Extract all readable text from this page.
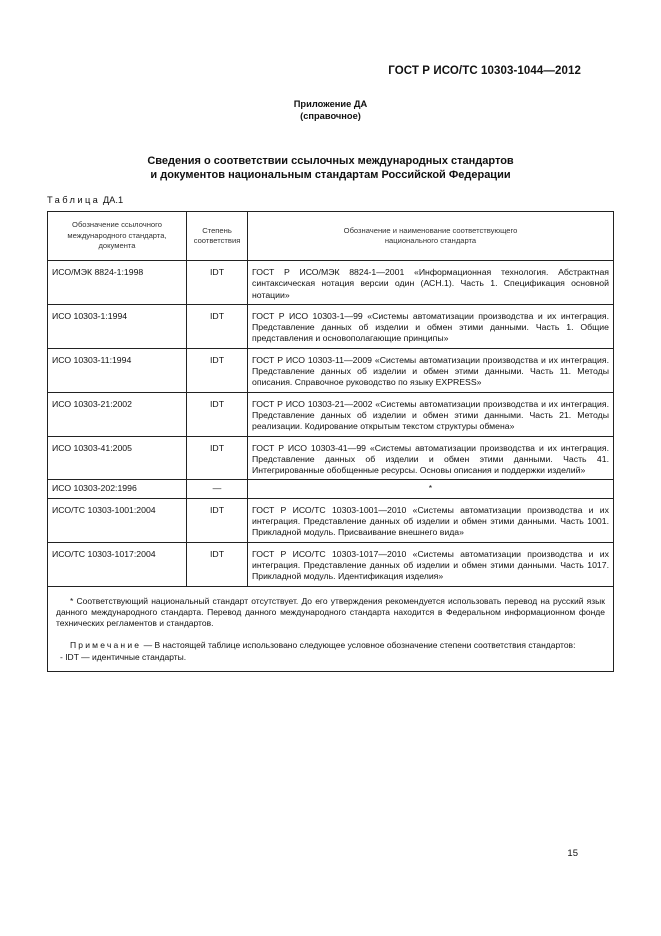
ГОСТ Р ИСО/ТС 10303-1044—2012
Приложение ДА
(справочное)
Сведения о соответствии ссылочных международных стандартов
и документов национальным стандартам Российской Федерации
Таблица ДА.1
Обозначение ссылочного международного стандарта, документа	Степень соответствия	Обозначение и наименование соответствующего национального стандарта
ИСО/МЭК 8824-1:1998	IDT	ГОСТ Р ИСО/МЭК 8824-1—2001 «Информационная технология. Абстрактная синтаксическая нотация версии один (АСН.1). Часть 1. Спецификация основной нотации»
ИСО 10303-1:1994	IDT	ГОСТ Р ИСО 10303-1—99 «Системы автоматизации производства и их интеграция. Представление данных об изделии и обмен этими данными. Часть 1. Общие представления и основополагающие принципы»
ИСО 10303-11:1994	IDT	ГОСТ Р ИСО 10303-11—2009 «Системы автоматизации производства и их интеграция. Представление данных об изделии и обмен этими данными. Часть 11. Методы описания. Справочное руководство по языку EXPRESS»
ИСО 10303-21:2002	IDT	ГОСТ Р ИСО 10303-21—2002 «Системы автоматизации производства и их интеграция. Представление данных об изделии и обмен этими данными. Часть 21. Методы реализации. Кодирование открытым текстом структуры обмена»
ИСО 10303-41:2005	IDT	ГОСТ Р ИСО 10303-41—99 «Системы автоматизации производства и их интеграция. Представление данных об изделии и обмен этими данными. Часть 41. Интегрированные обобщенные ресурсы. Основы описания и поддержки изделий»
ИСО 10303-202:1996	—	*
ИСО/ТС 10303-1001:2004	IDT	ГОСТ Р ИСО/ТС 10303-1001—2010 «Системы автоматизации производства и их интеграция. Представление данных об изделии и обмен этими данными. Часть 1001. Прикладной модуль. Присваивание внешнего вида»
ИСО/ТС 10303-1017:2004	IDT	ГОСТ Р ИСО/ТС 10303-1017—2010 «Системы автоматизации производства и их интеграция. Представление данных об изделии и обмен этими данными. Часть 1017. Прикладной модуль. Идентификация изделия»

* Соответствующий национальный стандарт отсутствует. До его утверждения рекомендуется использовать перевод на русский язык данного международного стандарта. Перевод данного международного стандарта находится в Федеральном информационном фонде технических регламентов и стандартов.

Примечание — В настоящей таблице использовано следующее условное обозначение степени соответствия стандартов:

- IDT — идентичные стандарты.		

15
